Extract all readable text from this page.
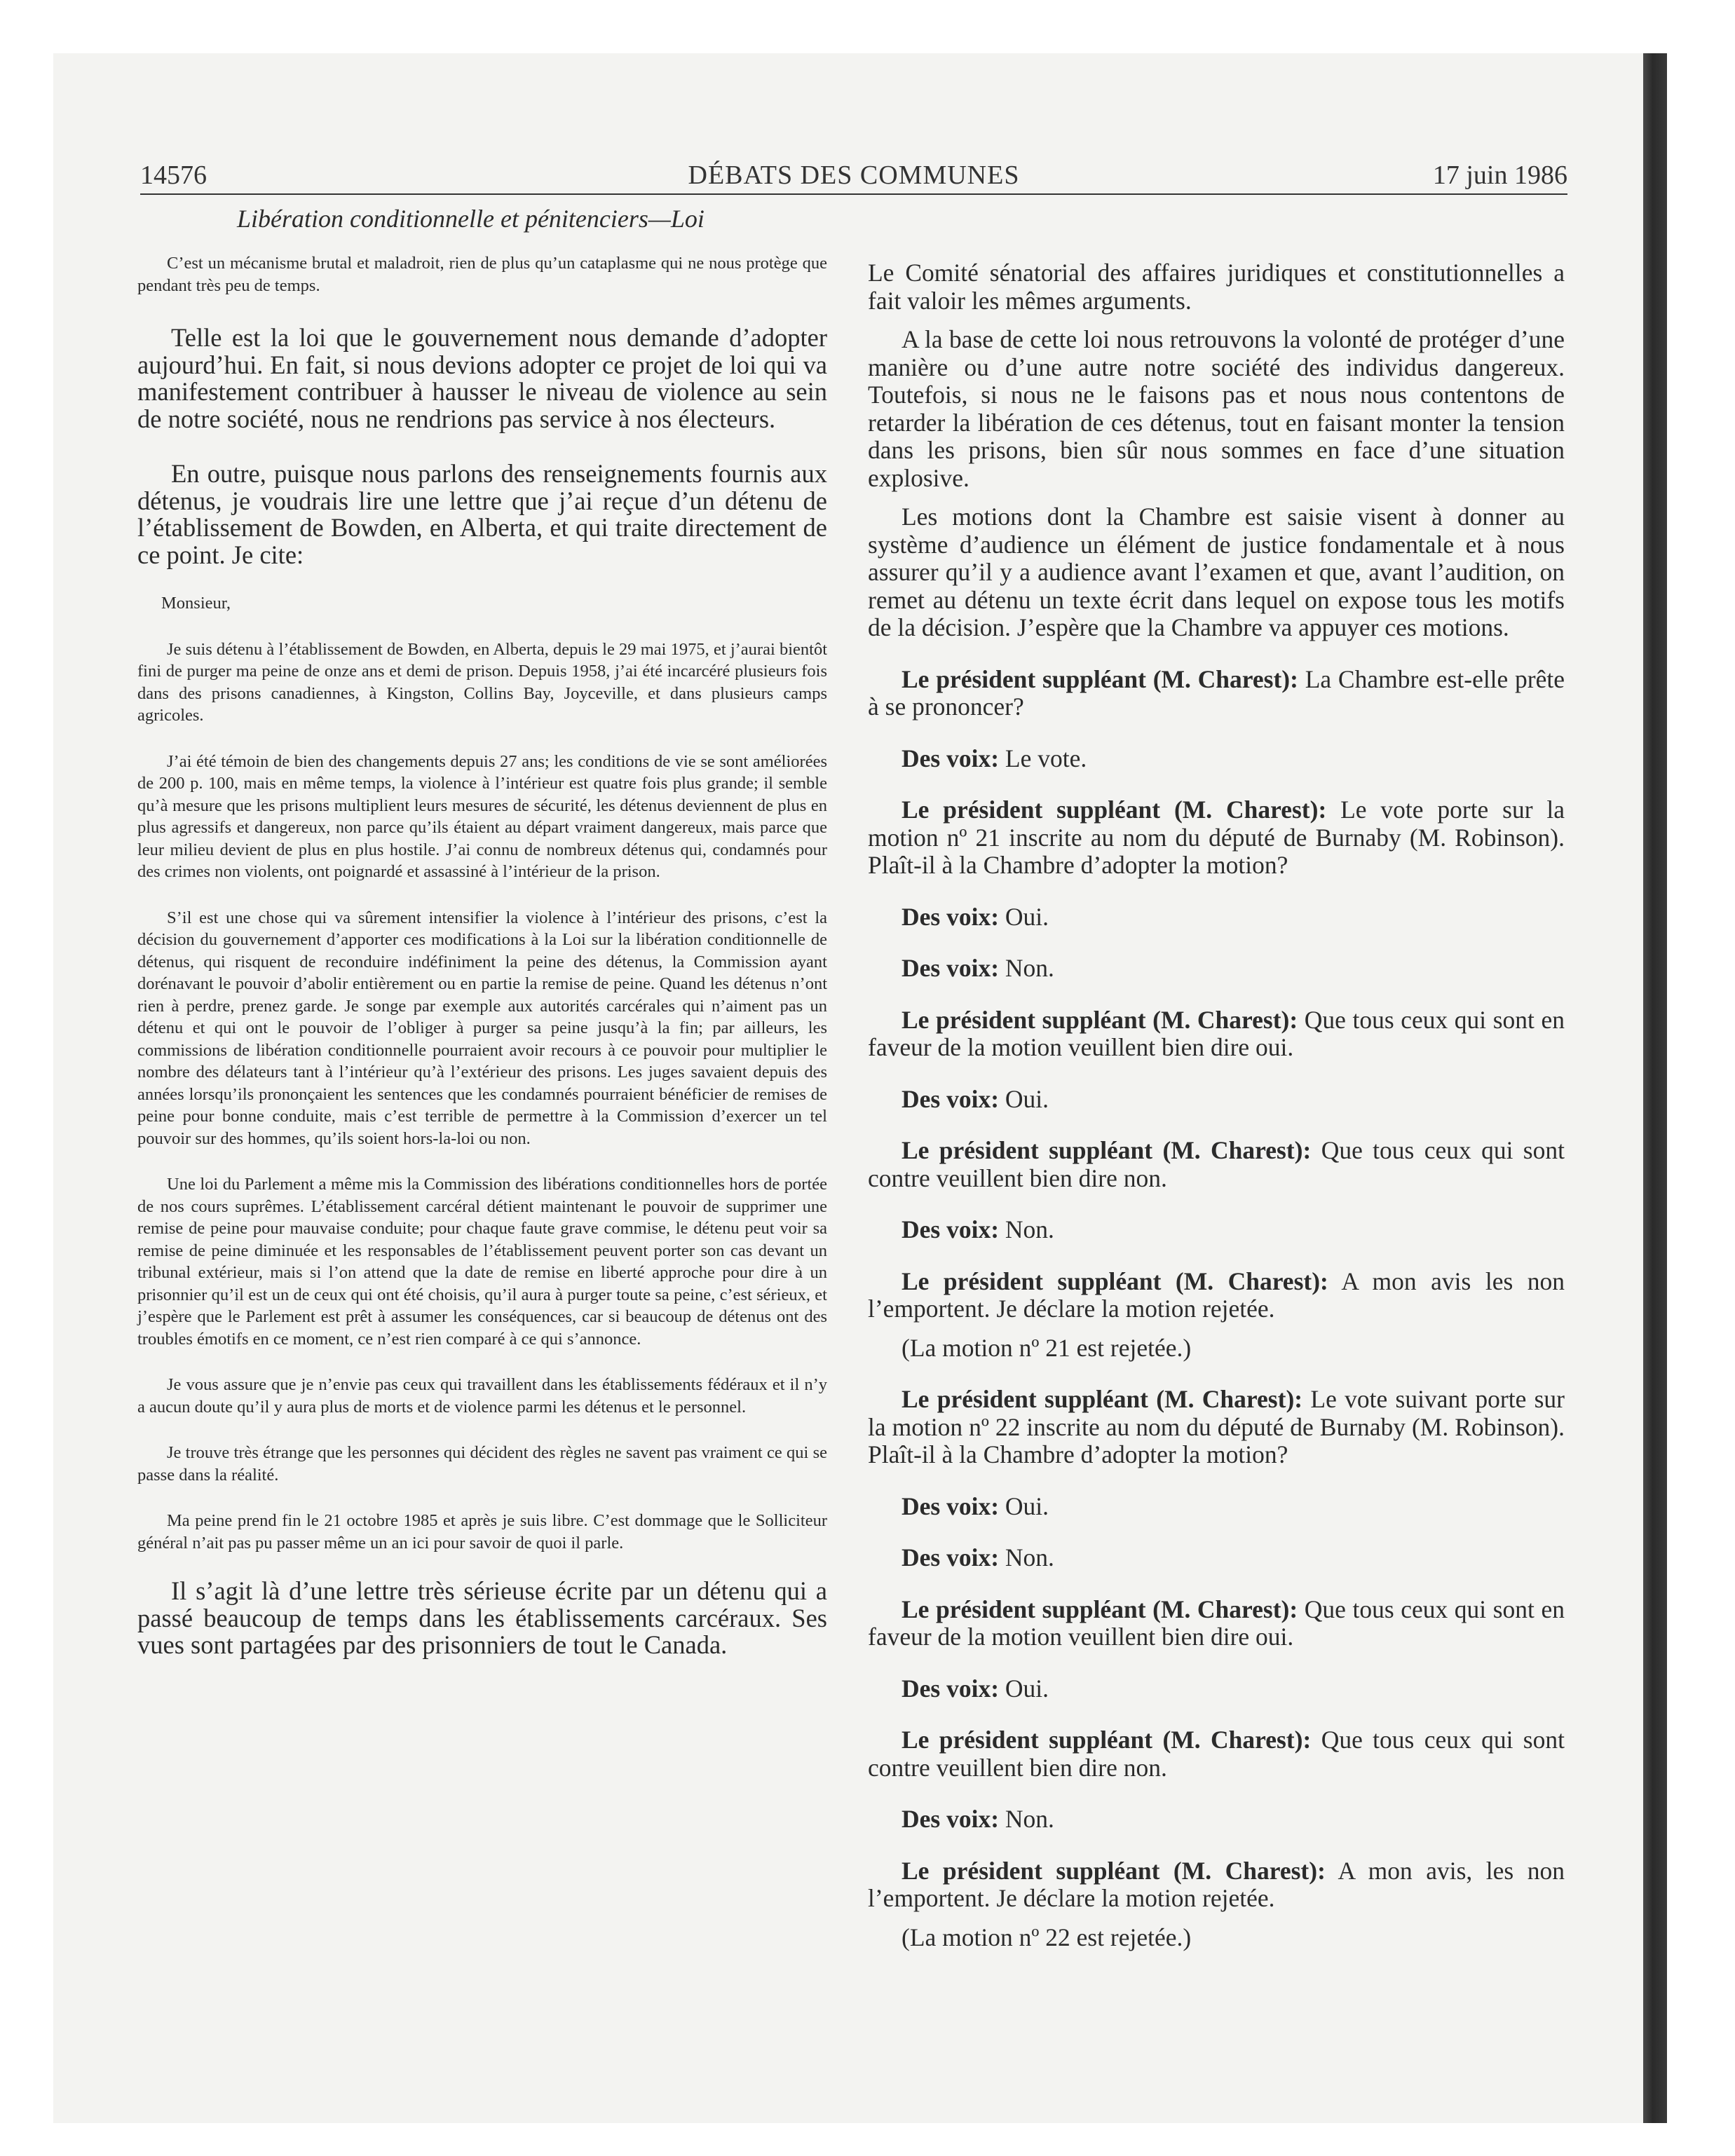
14576	DÉBATS DES COMMUNES	17 juin 1986
Libération conditionnelle et pénitenciers—Loi

C’est un mécanisme brutal et maladroit, rien de plus qu’un cataplasme qui ne nous protège que pendant très peu de temps.

Telle est la loi que le gouvernement nous demande d’adopter aujourd’hui. En fait, si nous devions adopter ce projet de loi qui va manifestement contribuer à hausser le niveau de violence au sein de notre société, nous ne rendrions pas service à nos électeurs.

En outre, puisque nous parlons des renseignements fournis aux détenus, je voudrais lire une lettre que j’ai reçue d’un détenu de l’établissement de Bowden, en Alberta, et qui traite directement de ce point. Je cite:

Monsieur,

Je suis détenu à l’établissement de Bowden, en Alberta, depuis le 29 mai 1975, et j’aurai bientôt fini de purger ma peine de onze ans et demi de prison. Depuis 1958, j’ai été incarcéré plusieurs fois dans des prisons canadiennes, à Kingston, Collins Bay, Joyceville, et dans plusieurs camps agricoles.

J’ai été témoin de bien des changements depuis 27 ans; les conditions de vie se sont améliorées de 200 p. 100, mais en même temps, la violence à l’intérieur est quatre fois plus grande; il semble qu’à mesure que les prisons multiplient leurs mesures de sécurité, les détenus deviennent de plus en plus agressifs et dangereux, non parce qu’ils étaient au départ vraiment dangereux, mais parce que leur milieu devient de plus en plus hostile. J’ai connu de nombreux détenus qui, condamnés pour des crimes non violents, ont poignardé et assassiné à l’intérieur de la prison.

S’il est une chose qui va sûrement intensifier la violence à l’intérieur des prisons, c’est la décision du gouvernement d’apporter ces modifications à la Loi sur la libération conditionnelle de détenus, qui risquent de reconduire indéfiniment la peine des détenus, la Commission ayant dorénavant le pouvoir d’abolir entièrement ou en partie la remise de peine. Quand les détenus n’ont rien à perdre, prenez garde. Je songe par exemple aux autorités carcérales qui n’aiment pas un détenu et qui ont le pouvoir de l’obliger à purger sa peine jusqu’à la fin; par ailleurs, les commissions de libération conditionnelle pourraient avoir recours à ce pouvoir pour multiplier le nombre des délateurs tant à l’intérieur qu’à l’extérieur des prisons. Les juges savaient depuis des années lorsqu’ils prononçaient les sentences que les condamnés pourraient bénéficier de remises de peine pour bonne conduite, mais c’est terrible de permettre à la Commission d’exercer un tel pouvoir sur des hommes, qu’ils soient hors-la-loi ou non.

Une loi du Parlement a même mis la Commission des libérations conditionnelles hors de portée de nos cours suprêmes. L’établissement carcéral détient maintenant le pouvoir de supprimer une remise de peine pour mauvaise conduite; pour chaque faute grave commise, le détenu peut voir sa remise de peine diminuée et les responsables de l’établissement peuvent porter son cas devant un tribunal extérieur, mais si l’on attend que la date de remise en liberté approche pour dire à un prisonnier qu’il est un de ceux qui ont été choisis, qu’il aura à purger toute sa peine, c’est sérieux, et j’espère que le Parlement est prêt à assumer les conséquences, car si beaucoup de détenus ont des troubles émotifs en ce moment, ce n’est rien comparé à ce qui s’annonce.

Je vous assure que je n’envie pas ceux qui travaillent dans les établissements fédéraux et il n’y a aucun doute qu’il y aura plus de morts et de violence parmi les détenus et le personnel.

Je trouve très étrange que les personnes qui décident des règles ne savent pas vraiment ce qui se passe dans la réalité.

Ma peine prend fin le 21 octobre 1985 et après je suis libre. C’est dommage que le Solliciteur général n’ait pas pu passer même un an ici pour savoir de quoi il parle.

Il s’agit là d’une lettre très sérieuse écrite par un détenu qui a passé beaucoup de temps dans les établissements carcéraux. Ses vues sont partagées par des prisonniers de tout le Canada.

Le Comité sénatorial des affaires juridiques et constitutionnelles a fait valoir les mêmes arguments.

A la base de cette loi nous retrouvons la volonté de protéger d’une manière ou d’une autre notre société des individus dangereux. Toutefois, si nous ne le faisons pas et nous nous contentons de retarder la libération de ces détenus, tout en faisant monter la tension dans les prisons, bien sûr nous sommes en face d’une situation explosive.

Les motions dont la Chambre est saisie visent à donner au système d’audience un élément de justice fondamentale et à nous assurer qu’il y a audience avant l’examen et que, avant l’audition, on remet au détenu un texte écrit dans lequel on expose tous les motifs de la décision. J’espère que la Chambre va appuyer ces motions.

Le président suppléant (M. Charest): La Chambre est-elle prête à se prononcer?

Des voix: Le vote.

Le président suppléant (M. Charest): Le vote porte sur la motion nº 21 inscrite au nom du député de Burnaby (M. Robinson). Plaît-il à la Chambre d’adopter la motion?

Des voix: Oui.

Des voix: Non.

Le président suppléant (M. Charest): Que tous ceux qui sont en faveur de la motion veuillent bien dire oui.

Des voix: Oui.

Le président suppléant (M. Charest): Que tous ceux qui sont contre veuillent bien dire non.

Des voix: Non.

Le président suppléant (M. Charest): A mon avis les non l’emportent. Je déclare la motion rejetée.

(La motion nº 21 est rejetée.)

Le président suppléant (M. Charest): Le vote suivant porte sur la motion nº 22 inscrite au nom du député de Burnaby (M. Robinson). Plaît-il à la Chambre d’adopter la motion?

Des voix: Oui.

Des voix: Non.

Le président suppléant (M. Charest): Que tous ceux qui sont en faveur de la motion veuillent bien dire oui.

Des voix: Oui.

Le président suppléant (M. Charest): Que tous ceux qui sont contre veuillent bien dire non.

Des voix: Non.

Le président suppléant (M. Charest): A mon avis, les non l’emportent. Je déclare la motion rejetée.

(La motion nº 22 est rejetée.)
